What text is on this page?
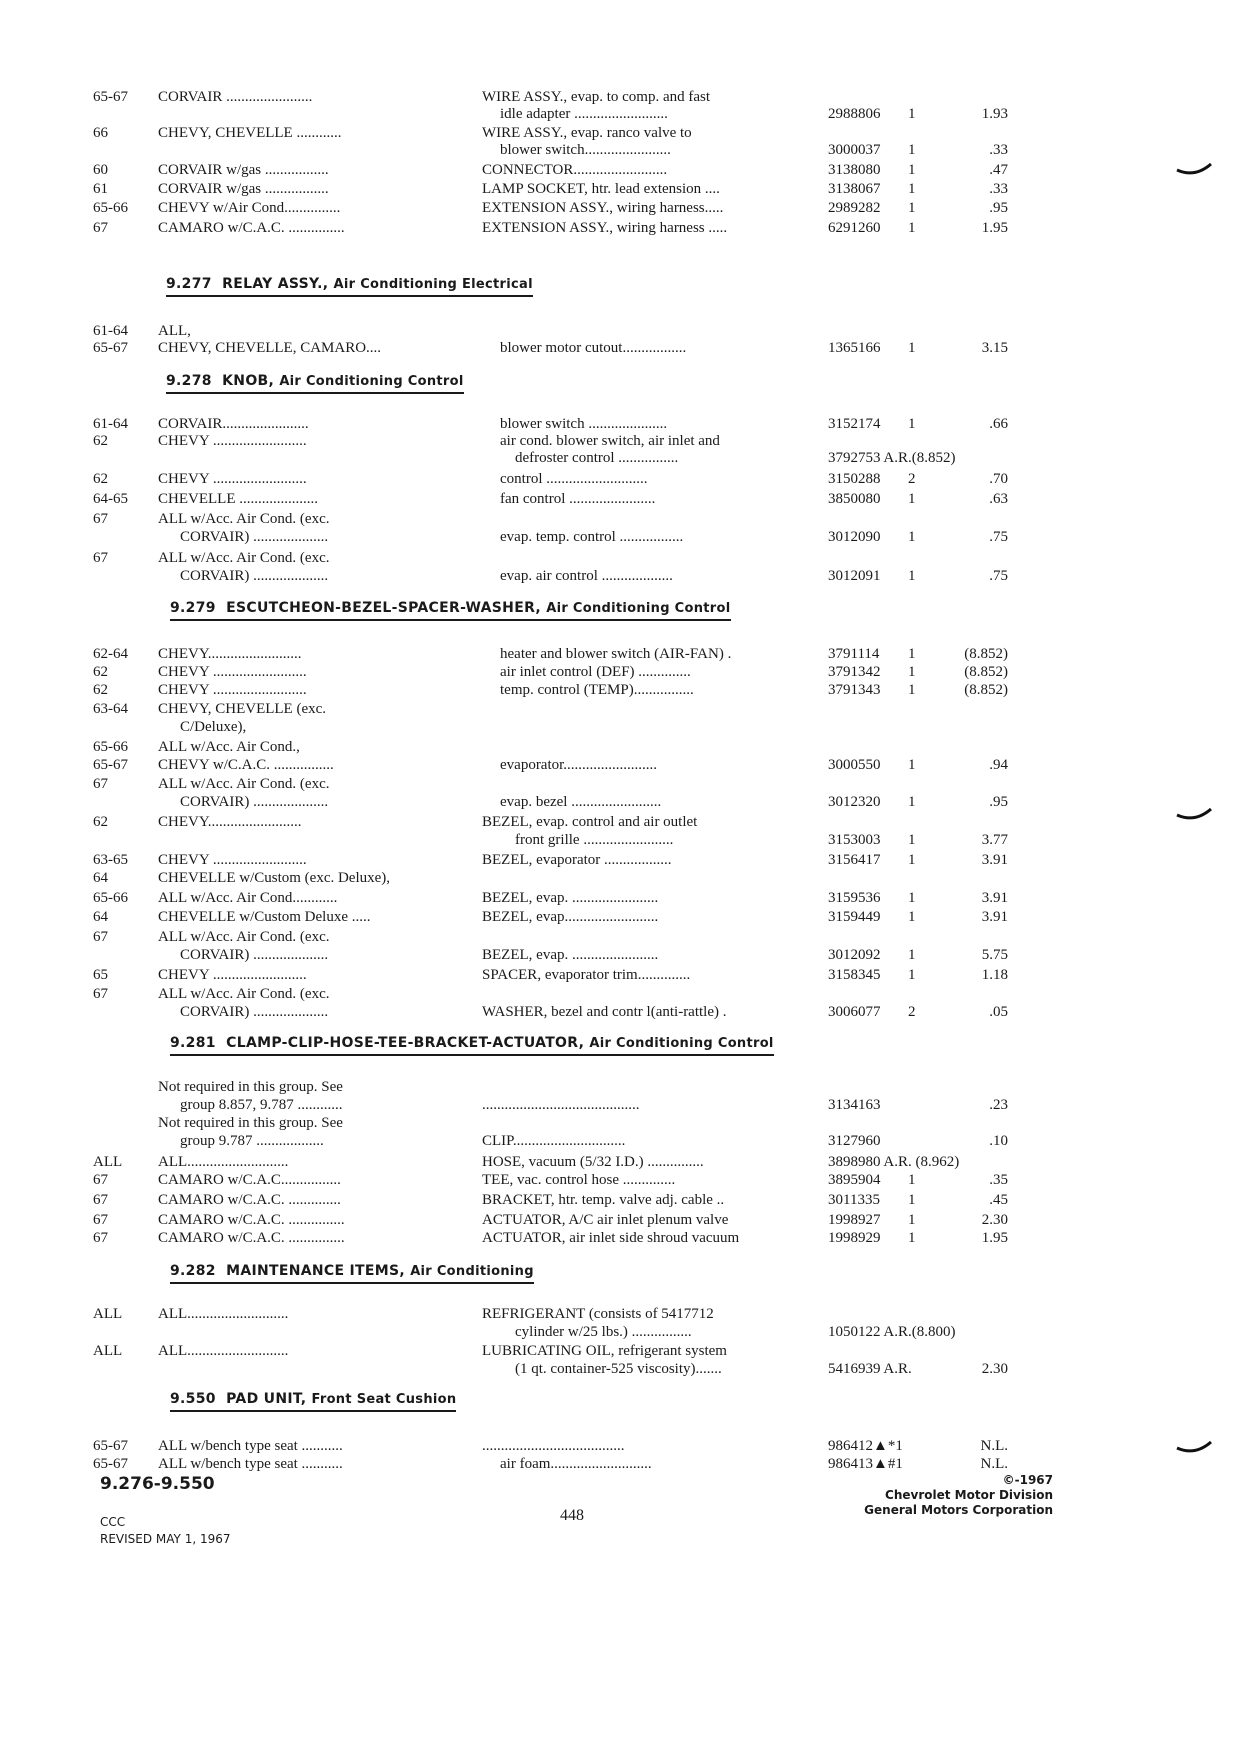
65-67 CORVAIR .......................	WIRE ASSY., evap. to comp. and fast
idle adapter .........................	2988806 1	1.93
66	CHEVY, CHEVELLE ............	WIRE ASSY., evap. ranco valve to
blower switch.......................	3000037 1	.33
60	CORVAIR w/gas .................	CONNECTOR.........................	3138080 1	.47
61	CORVAIR w/gas .................	LAMP SOCKET, htr. lead extension ....	3138067 1	.33
65-66 CHEVY w/Air Cond...............	EXTENSION ASSY., wiring harness.....	2989282 1	.95
67	CAMARO w/C.A.C. ...............	EXTENSION ASSY., wiring harness .....	6291260 1	1.95
9.277 RELAY ASSY., Air Conditioning Electrical
61-64 ALL,
65-67 CHEVY, CHEVELLE, CAMARO....	blower motor cutout.................	1365166 1	3.15
9.278 KNOB, Air Conditioning Control
61-64 CORVAIR.......................	blower switch .....................	3152174 1	.66
62	CHEVY .........................	air cond. blower switch, air inlet and
defroster control ................	3792753 A.R.(8.852)
62	CHEVY .........................	control ...........................	3150288 2	.70
64-65 CHEVELLE .....................	fan control .......................	3850080 1	.63
67	ALL w/Acc. Air Cond. (exc.
CORVAIR) ....................	evap. temp. control .................	3012090 1	.75
67	ALL w/Acc. Air Cond. (exc.
CORVAIR) ....................	evap. air control ...................	3012091 1	.75
9.279 ESCUTCHEON-BEZEL-SPACER-WASHER, Air Conditioning Control
62-64 CHEVY.........................	heater and blower switch (AIR-FAN) .	3791114 1	(8.852)
62	CHEVY .........................	air inlet control (DEF) ..............	3791342 1	(8.852)
62	CHEVY .........................	temp. control (TEMP)................	3791343 1	(8.852)
63-64 CHEVY, CHEVELLE (exc.
C/Deluxe),
65-66 ALL w/Acc. Air Cond.,
65-67 CHEVY w/C.A.C. ................	evaporator.........................	3000550 1	.94
67	ALL w/Acc. Air Cond. (exc.
CORVAIR) ....................	evap. bezel ........................	3012320 1	.95
62	CHEVY.........................	BEZEL, evap. control and air outlet
front grille ........................	3153003 1	3.77
63-65 CHEVY .........................	BEZEL, evaporator ..................	3156417 1	3.91
64	CHEVELLE w/Custom (exc. Deluxe),
65-66 ALL w/Acc. Air Cond............	BEZEL, evap. .......................	3159536 1	3.91
64	CHEVELLE w/Custom Deluxe .....	BEZEL, evap.........................	3159449 1	3.91
67	ALL w/Acc. Air Cond. (exc.
CORVAIR) ....................	BEZEL, evap. .......................	3012092 1	5.75
65	CHEVY .........................	SPACER, evaporator trim..............	3158345 1	1.18
67	ALL w/Acc. Air Cond. (exc.
CORVAIR) ....................	WASHER, bezel and contr l(anti-rattle) .	3006077 2	.05
9.281 CLAMP-CLIP-HOSE-TEE-BRACKET-ACTUATOR, Air Conditioning Control
Not required in this group. See
group 8.857, 9.787 ............	..........................................	3134163	.23
Not required in this group. See
group 9.787 ..................	CLIP..............................	3127960	.10
ALL ALL...........................	HOSE, vacuum (5/32 I.D.) ...............	3898980 A.R. (8.962)
67	CAMARO w/C.A.C................	TEE, vac. control hose ..............	3895904 1	.35
67	CAMARO w/C.A.C. ..............	BRACKET, htr. temp. valve adj. cable ..	3011335 1	.45
67	CAMARO w/C.A.C. ...............	ACTUATOR, A/C air inlet plenum valve	1998927 1	2.30
67	CAMARO w/C.A.C. ...............	ACTUATOR, air inlet side shroud vacuum	1998929 1	1.95
9.282 MAINTENANCE ITEMS, Air Conditioning
ALL ALL...........................	REFRIGERANT (consists of 5417712
cylinder w/25 lbs.) ................	1050122 A.R.(8.800)
ALL ALL...........................	LUBRICATING OIL, refrigerant system
(1 qt. container-525 viscosity).......	5416939 A.R.	2.30
9.550 PAD UNIT, Front Seat Cushion
65-67 ALL w/bench type seat ...........	......................................	986412▲*1	N.L.
65-67 ALL w/bench type seat ...........	air foam...........................	986413▲#1	N.L.
9.276-9.550
448
CCC
REVISED MAY 1, 1967
©-1967
Chevrolet Motor Division
General Motors Corporation
